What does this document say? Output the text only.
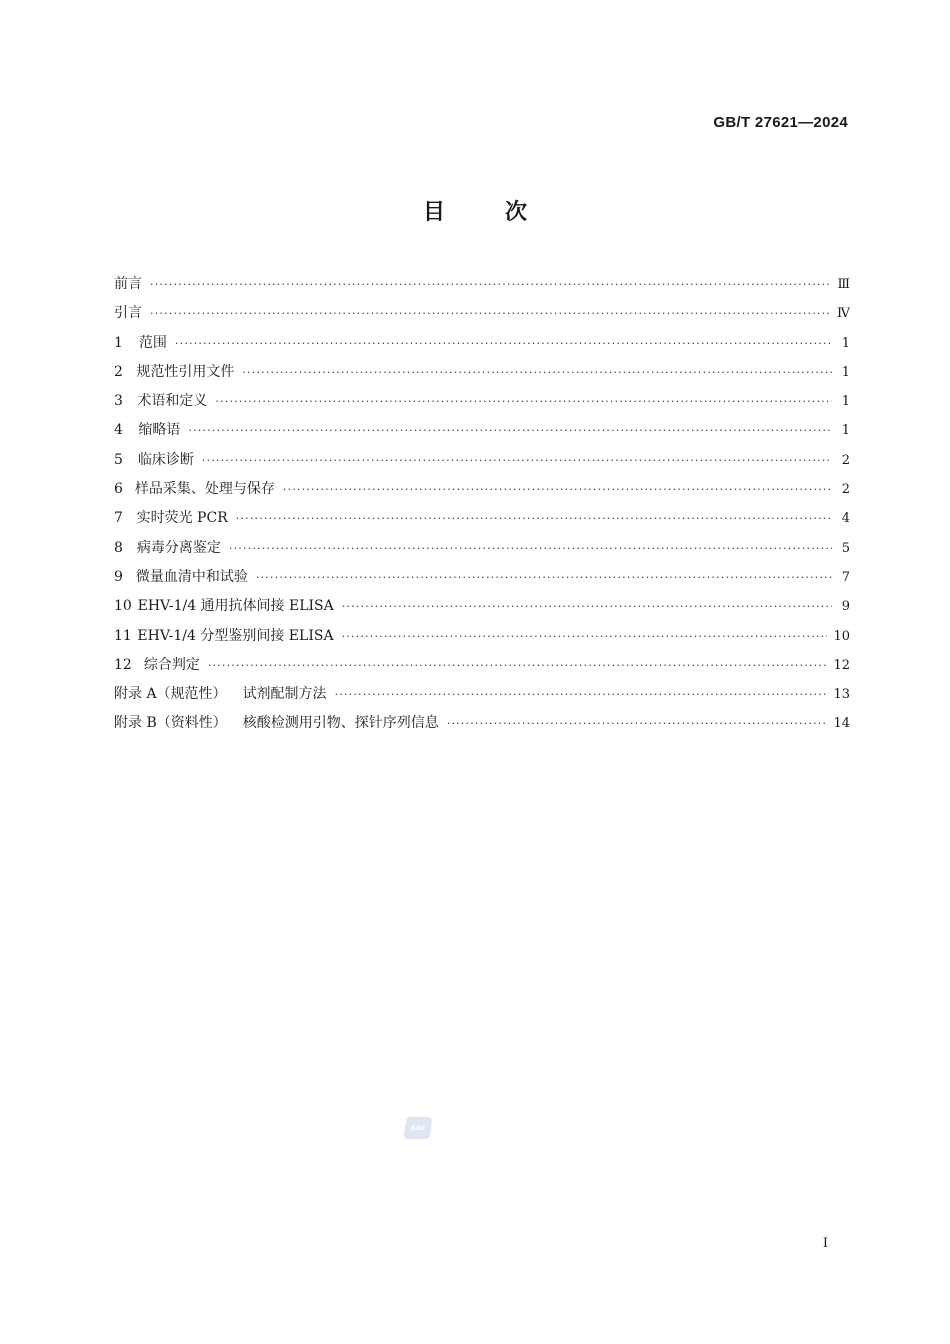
GB/T 27621—2024
目	次
前言 ·····	Ⅲ
引言 ·····	Ⅳ
1	范围 ·····	1
2 规范性引用文件 ·····	1
3	术语和定义 ·····	1
4	缩略语 ·····	1
5	临床诊断 ·····	2
6 样品采集、处理与保存 ·····	2
7 实时荧光 PCR ·····	4
8 病毒分离鉴定 ·····	5
9 微量血清中和试验 ·····	7
10 EHV-1/4 通用抗体间接 ELISA ·····	9
11 EHV-1/4 分型鉴别间接 ELISA ·····	10
12 综合判定 ·····	12
附录 A（规范性） 试剂配制方法 ·····	13
附录 B（资料性） 核酸检测用引物、探针序列信息 ·····	14
sac
Ⅰ
